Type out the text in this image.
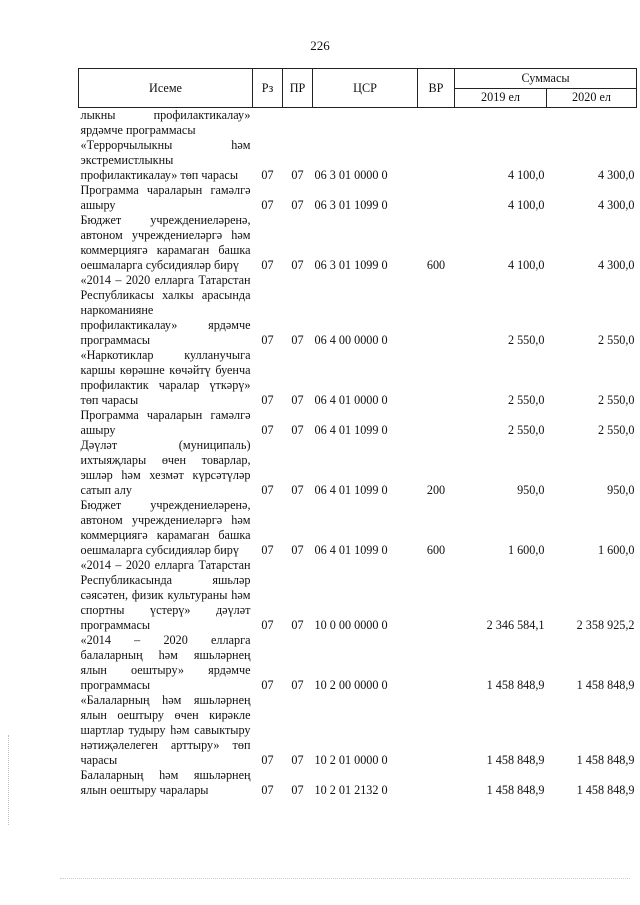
226
Исеме	Рз	ПР	ЦСР	ВР	Суммасы	
					2019 ел	2020 ел
лыкны профилактикалау» ярдәмче программасы						
«Террорчылыкны һәм экстремистлыкны профилактикалау» төп чарасы	07	07	06 3 01 0000 0		4 100,0	4 300,0
Программа чараларын гамәлгә ашыру	07	07	06 3 01 1099 0		4 100,0	4 300,0
Бюджет учреждениеләренә, автоном учреждениеләргә һәм коммерциягә карамаган башка оешмаларга субсидияләр бирү	07	07	06 3 01 1099 0	600	4 100,0	4 300,0
«2014 – 2020 елларга Татарстан Республикасы халкы арасында наркоманияне профилактикалау» ярдәмче программасы	07	07	06 4 00 0000 0		2 550,0	2 550,0
«Наркотиклар кулланучыга каршы көрәшне көчәйтү буенча профилактик чаралар үткәрү» төп чарасы	07	07	06 4 01 0000 0		2 550,0	2 550,0
Программа чараларын гамәлгә ашыру	07	07	06 4 01 1099 0		2 550,0	2 550,0
Дәүләт (муниципаль) ихтыяҗлары өчен товарлар, эшләр һәм хезмәт күрсәтүләр сатып алу	07	07	06 4 01 1099 0	200	950,0	950,0
Бюджет учреждениеләренә, автоном учреждениеләргә һәм коммерциягә карамаган башка оешмаларга субсидияләр бирү	07	07	06 4 01 1099 0	600	1 600,0	1 600,0
«2014 – 2020 елларга Татарстан Республикасында яшьләр сәясәтен, физик культураны һәм спортны үстерү» дәүләт программасы	07	07	10 0 00 0000 0		2 346 584,1	2 358 925,2
«2014 – 2020 елларга балаларның һәм яшьләрнең ялын оештыру» ярдәмче программасы	07	07	10 2 00 0000 0		1 458 848,9	1 458 848,9
«Балаларның һәм яшьләрнең ялын оештыру өчен кирәкле шартлар тудыру һәм савыктыру нәтиҗәлелеген арттыру» төп чарасы	07	07	10 2 01 0000 0		1 458 848,9	1 458 848,9
Балаларның һәм яшьләрнең ялын оештыру чаралары	07	07	10 2 01 2132 0		1 458 848,9	1 458 848,9
